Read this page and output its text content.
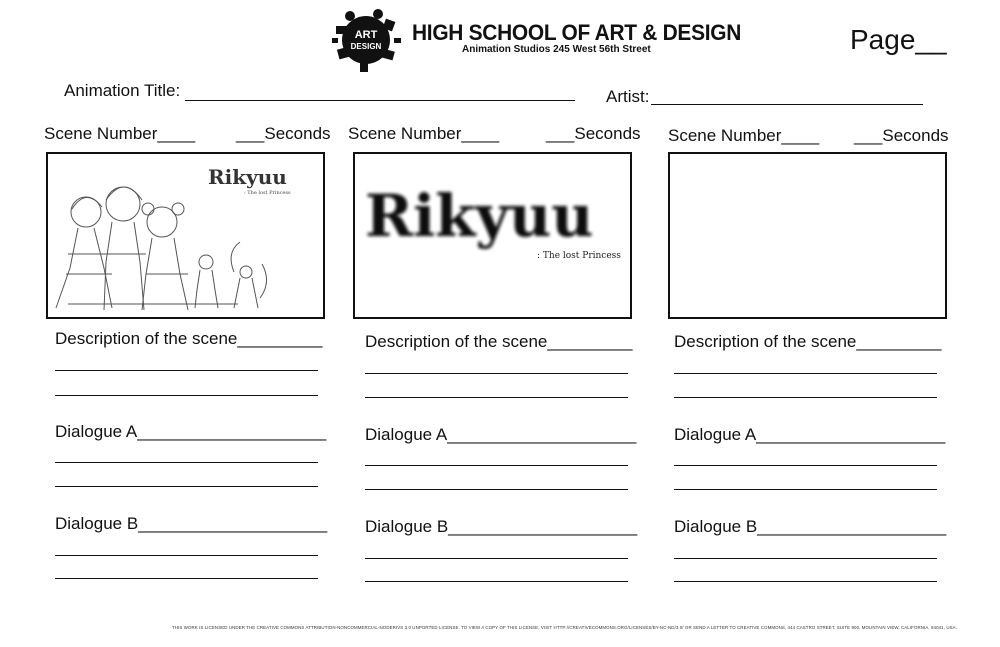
ART
DESIGN
HIGH SCHOOL OF ART & DESIGN
Animation Studios 245 West 56th Street	Page__
Animation Title:	Artist:
Scene Number____ ___Seconds
Rikyuu
: The lost Princess
Description of the scene_________
Dialogue A____________________
Dialogue B____________________
Scene Number____	___Seconds
Rikyuu
: The lost Princess
Description of the scene_________
Dialogue A____________________
Dialogue B____________________
Scene Number____ ___Seconds
Description of the scene_________
Dialogue A____________________
Dialogue B____________________
THIS WORK IS LICENSED UNDER THE CREATIVE COMMONS ATTRIBUTION-NONCOMMERCIAL-NODERIVS 3.0 UNPORTED LICENSE. TO VIEW A COPY OF THIS LICENSE, VISIT HTTP://CREATIVECOMMONS.ORG/LICENSES/BY-NC-ND/3.0/ OR SEND A LETTER TO CREATIVE COMMONS, 444 CASTRO STREET, SUITE 900, MOUNTAIN VIEW, CALIFORNIA, 94041, USA.
